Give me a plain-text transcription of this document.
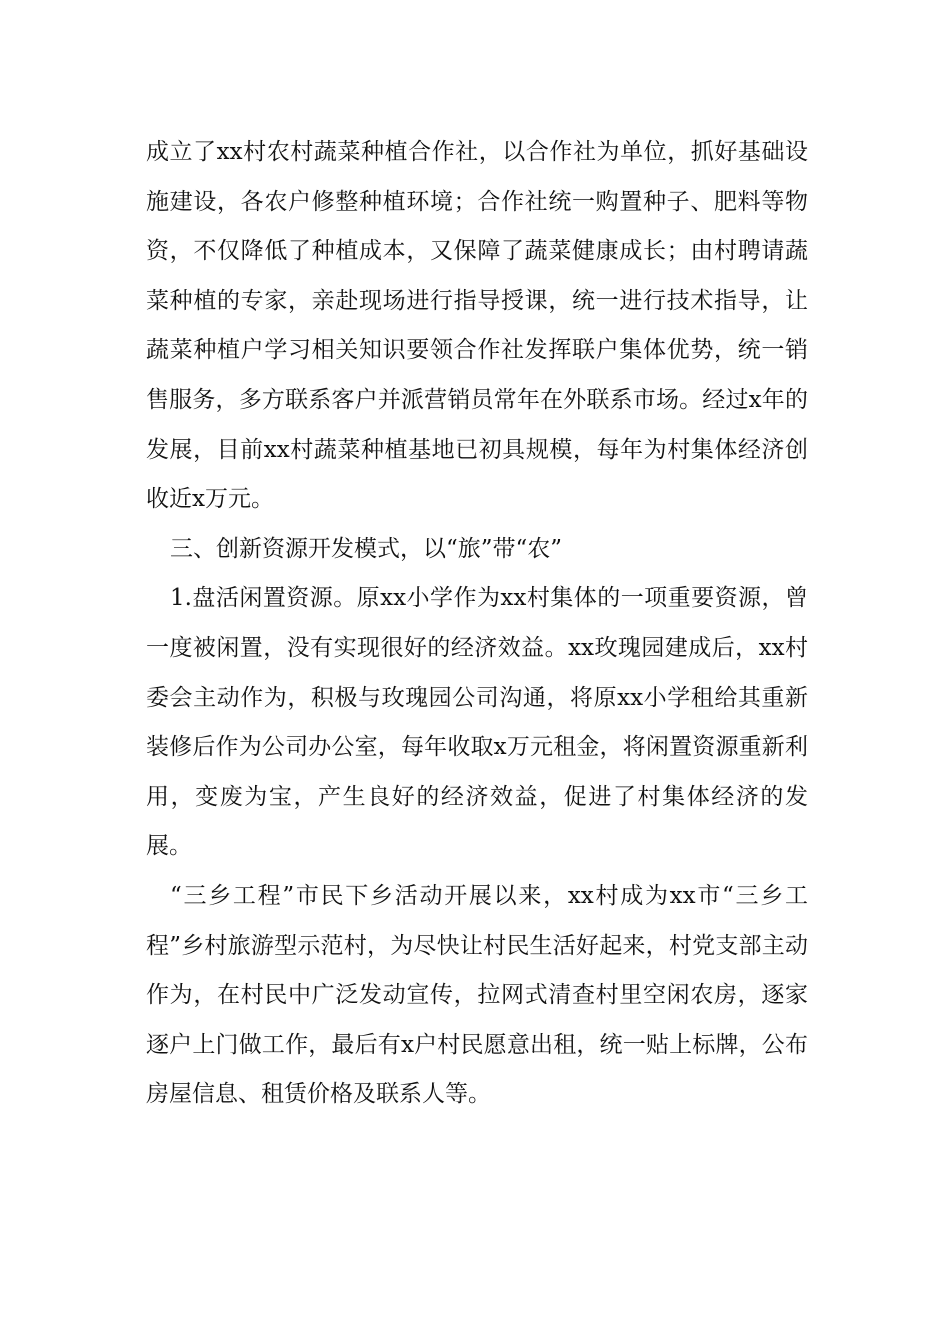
成立了xx村农村蔬菜种植合作社，以合作社为单位，抓好基础设施建设，各农户修整种植环境；合作社统一购置种子、肥料等物资，不仅降低了种植成本，又保障了蔬菜健康成长；由村聘请蔬菜种植的专家，亲赴现场进行指导授课，统一进行技术指导，让蔬菜种植户学习相关知识要领合作社发挥联户集体优势，统一销售服务，多方联系客户并派营销员常年在外联系市场。经过x年的发展，目前xx村蔬菜种植基地已初具规模，每年为村集体经济创收近x万元。

三、创新资源开发模式，以“旅”带“农”

1.盘活闲置资源。原xx小学作为xx村集体的一项重要资源，曾一度被闲置，没有实现很好的经济效益。xx玫瑰园建成后，xx村委会主动作为，积极与玫瑰园公司沟通，将原xx小学租给其重新装修后作为公司办公室，每年收取x万元租金，将闲置资源重新利用，变废为宝，产生良好的经济效益，促进了村集体经济的发展。

“三乡工程”市民下乡活动开展以来，xx村成为xx市“三乡工程”乡村旅游型示范村，为尽快让村民生活好起来，村党支部主动作为，在村民中广泛发动宣传，拉网式清查村里空闲农房，逐家逐户上门做工作，最后有x户村民愿意出租，统一贴上标牌，公布房屋信息、租赁价格及联系人等。
